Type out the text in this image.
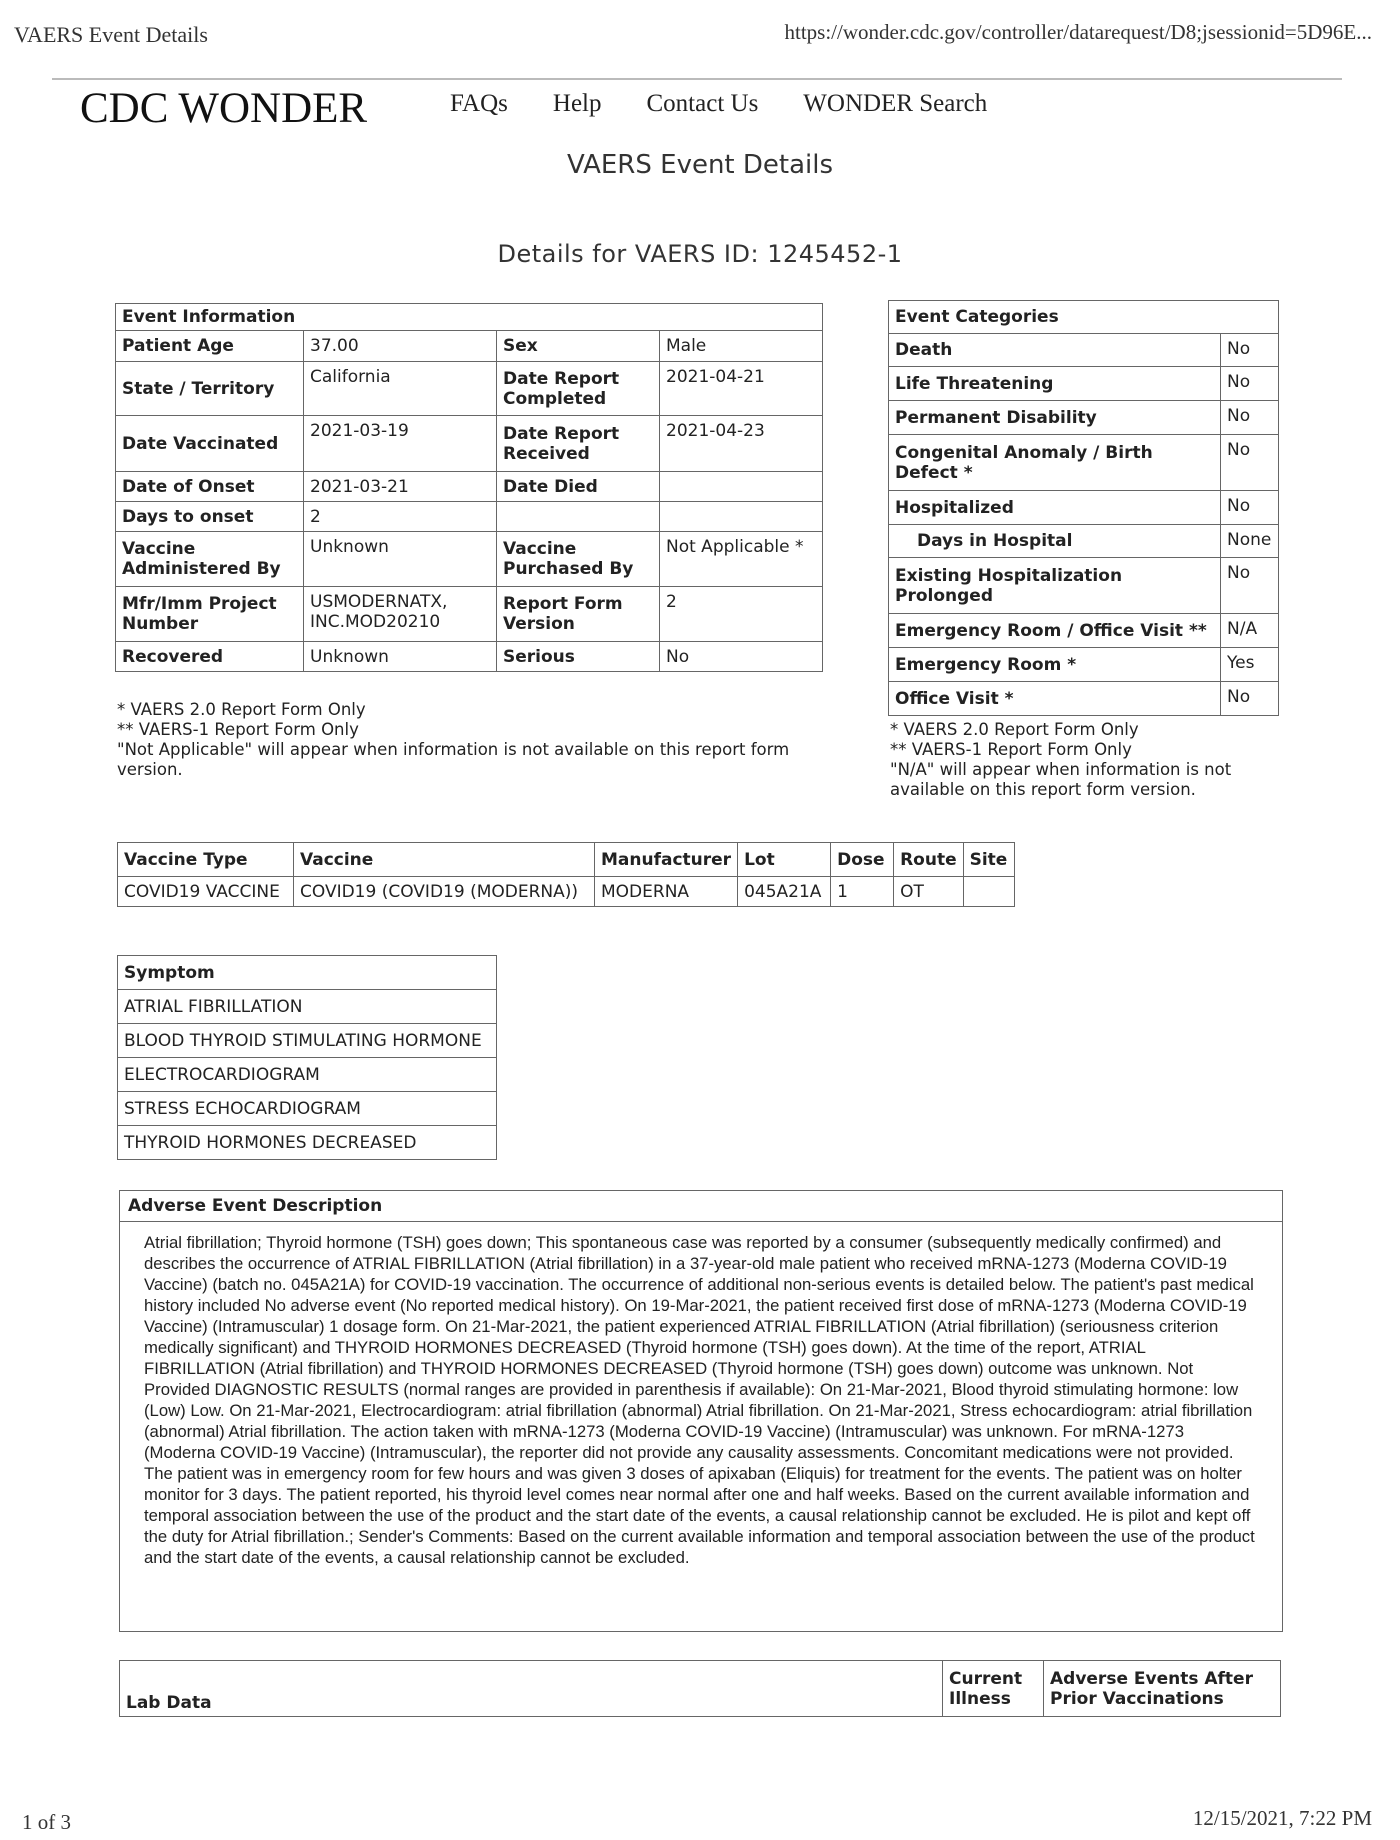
VAERS Event Details	https://wonder.cdc.gov/controller/datarequest/D8;jsessionid=5D96E...
CDC WONDER	FAQs Help Contact Us WONDER Search
VAERS Event Details
Details for VAERS ID: 1245452-1
Event Information			
Patient Age	37.00	Sex	Male
State / Territory	California	Date Report Completed	2021-04-21
Date Vaccinated	2021-03-19	Date Report Received	2021-04-23
Date of Onset	2021-03-21	Date Died	
Days to onset	2		
Vaccine Administered By	Unknown	Vaccine Purchased By	Not Applicable *
Mfr/Imm Project Number	USMODERNATX, INC.MOD20210	Report Form Version	2
Recovered	Unknown	Serious	No
* VAERS 2.0 Report Form Only
** VAERS-1 Report Form Only
"Not Applicable" will appear when information is not available on this report form version.
Event Categories	
Death	No
Life Threatening	No
Permanent Disability	No
Congenital Anomaly / Birth Defect *	No
Hospitalized	No
Days in Hospital	None
Existing Hospitalization Prolonged	No
Emergency Room / Office Visit **	N/A
Emergency Room *	Yes
Office Visit *	No
* VAERS 2.0 Report Form Only
** VAERS-1 Report Form Only
"N/A" will appear when information is not available on this report form version.
Vaccine Type	Vaccine	Manufacturer	Lot	Dose	Route	Site
COVID19 VACCINE	COVID19 (COVID19 (MODERNA))	MODERNA	045A21A	1	OT	
Symptom
ATRIAL FIBRILLATION
BLOOD THYROID STIMULATING HORMONE
ELECTROCARDIOGRAM
STRESS ECHOCARDIOGRAM
THYROID HORMONES DECREASED
Adverse Event Description
Atrial fibrillation; Thyroid hormone (TSH) goes down; This spontaneous case was reported by a consumer (subsequently medically confirmed) and describes the occurrence of ATRIAL FIBRILLATION (Atrial fibrillation) in a 37-year-old male patient who received mRNA-1273 (Moderna COVID-19 Vaccine) (batch no. 045A21A) for COVID-19 vaccination. The occurrence of additional non-serious events is detailed below. The patient's past medical history included No adverse event (No reported medical history). On 19-Mar-2021, the patient received first dose of mRNA-1273 (Moderna COVID-19 Vaccine) (Intramuscular) 1 dosage form. On 21-Mar-2021, the patient experienced ATRIAL FIBRILLATION (Atrial fibrillation) (seriousness criterion medically significant) and THYROID HORMONES DECREASED (Thyroid hormone (TSH) goes down). At the time of the report, ATRIAL FIBRILLATION (Atrial fibrillation) and THYROID HORMONES DECREASED (Thyroid hormone (TSH) goes down) outcome was unknown. Not Provided DIAGNOSTIC RESULTS (normal ranges are provided in parenthesis if available): On 21-Mar-2021, Blood thyroid stimulating hormone: low (Low) Low. On 21-Mar-2021, Electrocardiogram: atrial fibrillation (abnormal) Atrial fibrillation. On 21-Mar-2021, Stress echocardiogram: atrial fibrillation (abnormal) Atrial fibrillation. The action taken with mRNA-1273 (Moderna COVID-19 Vaccine) (Intramuscular) was unknown. For mRNA-1273 (Moderna COVID-19 Vaccine) (Intramuscular), the reporter did not provide any causality assessments. Concomitant medications were not provided. The patient was in emergency room for few hours and was given 3 doses of apixaban (Eliquis) for treatment for the events. The patient was on holter monitor for 3 days. The patient reported, his thyroid level comes near normal after one and half weeks. Based on the current available information and temporal association between the use of the product and the start date of the events, a causal relationship cannot be excluded. He is pilot and kept off the duty for Atrial fibrillation.; Sender's Comments: Based on the current available information and temporal association between the use of the product and the start date of the events, a causal relationship cannot be excluded.
Lab Data	Current Illness	Adverse Events After Prior Vaccinations
1 of 3	12/15/2021, 7:22 PM
